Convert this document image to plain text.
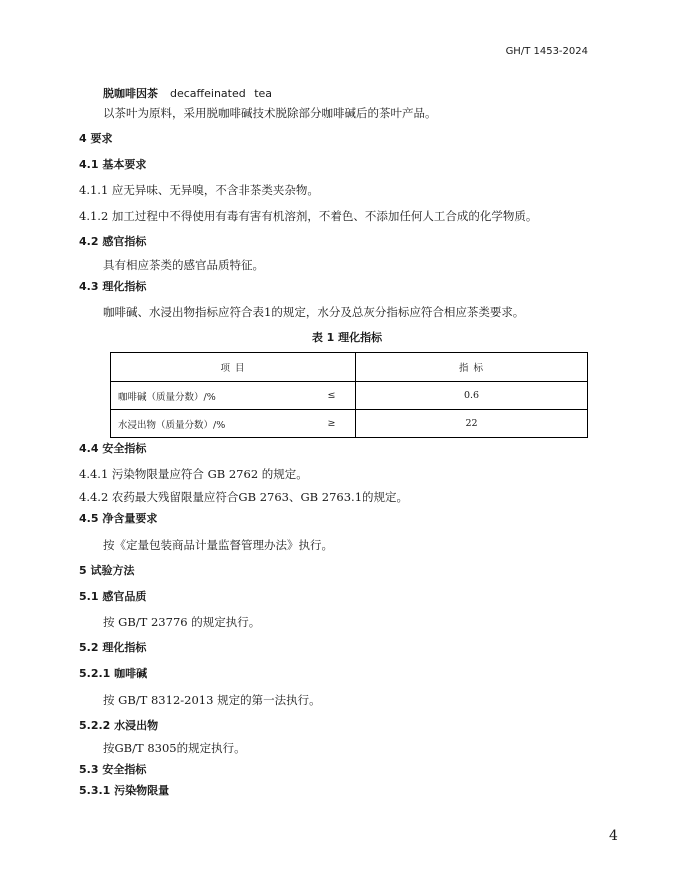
GH/T 1453-2024
脱咖啡因茶 decaffeinated tea
以茶叶为原料，采用脱咖啡碱技术脱除部分咖啡碱后的茶叶产品。
4 要求
4.1 基本要求
4.1.1 应无异味、无异嗅，不含非茶类夹杂物。
4.1.2 加工过程中不得使用有毒有害有机溶剂，不着色、不添加任何人工合成的化学物质。
4.2 感官指标
具有相应茶类的感官品质特征。
4.3 理化指标
咖啡碱、水浸出物指标应符合表1的规定，水分及总灰分指标应符合相应茶类要求。
表 1 理化指标
项 目		指 标
咖啡碱（质量分数）/%	≤	0.6
水浸出物（质量分数）/%	≥	22
4.4 安全指标
4.4.1 污染物限量应符合 GB 2762 的规定。
4.4.2 农药最大残留限量应符合GB 2763、GB 2763.1的规定。
4.5 净含量要求
按《定量包装商品计量监督管理办法》执行。
5 试验方法
5.1 感官品质
按 GB/T 23776 的规定执行。
5.2 理化指标
5.2.1 咖啡碱
按 GB/T 8312-2013 规定的第一法执行。
5.2.2 水浸出物
按GB/T 8305的规定执行。
5.3 安全指标
5.3.1 污染物限量
4
